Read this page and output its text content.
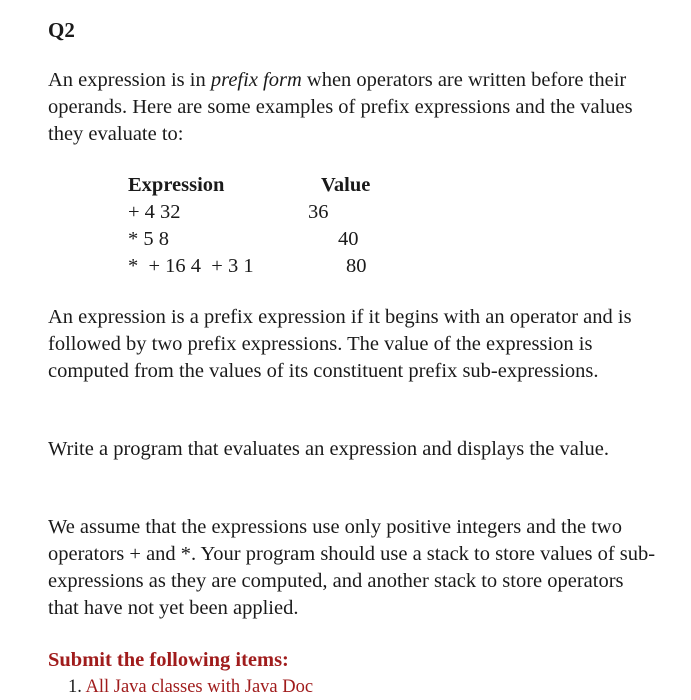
Q2

An expression is in prefix form when operators are written before their operands. Here are some examples of prefix expressions and the values they evaluate to:

Expression	Value
+ 4 32	36
* 5 8	40
*  + 16 4  + 3 1	80

An expression is a prefix expression if it begins with an operator and is followed by two prefix expressions. The value of the expression is computed from the values of its constituent prefix sub-expressions.

Write a program that evaluates an expression and displays the value.

We assume that the expressions use only positive integers and the two operators + and *. Your program should use a stack to store values of sub-expressions as they are computed, and another stack to store operators that have not yet been applied.

Submit the following items:

1. All Java classes with Java Doc
